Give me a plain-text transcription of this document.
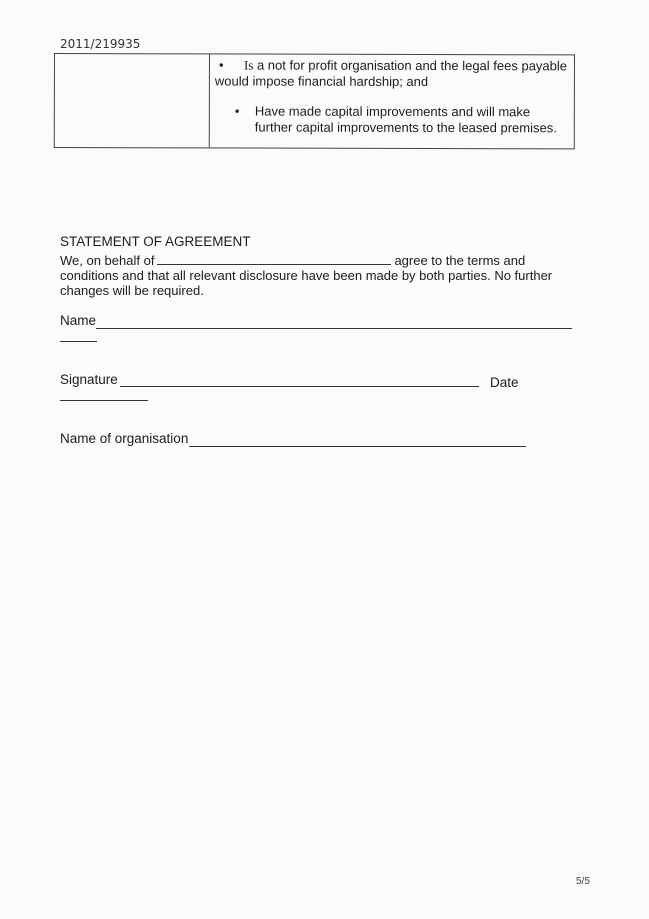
2011/219935

• Is a not for profit organisation and the legal fees payable would impose financial hardship; and

• Have made capital improvements and will make further capital improvements to the leased premises.

STATEMENT OF AGREEMENT
We, on behalf of	agree to the terms and conditions and that all relevant disclosure have been made by both parties. No further changes will be required.
Name
Signature	Date
Name of organisation
5/5
